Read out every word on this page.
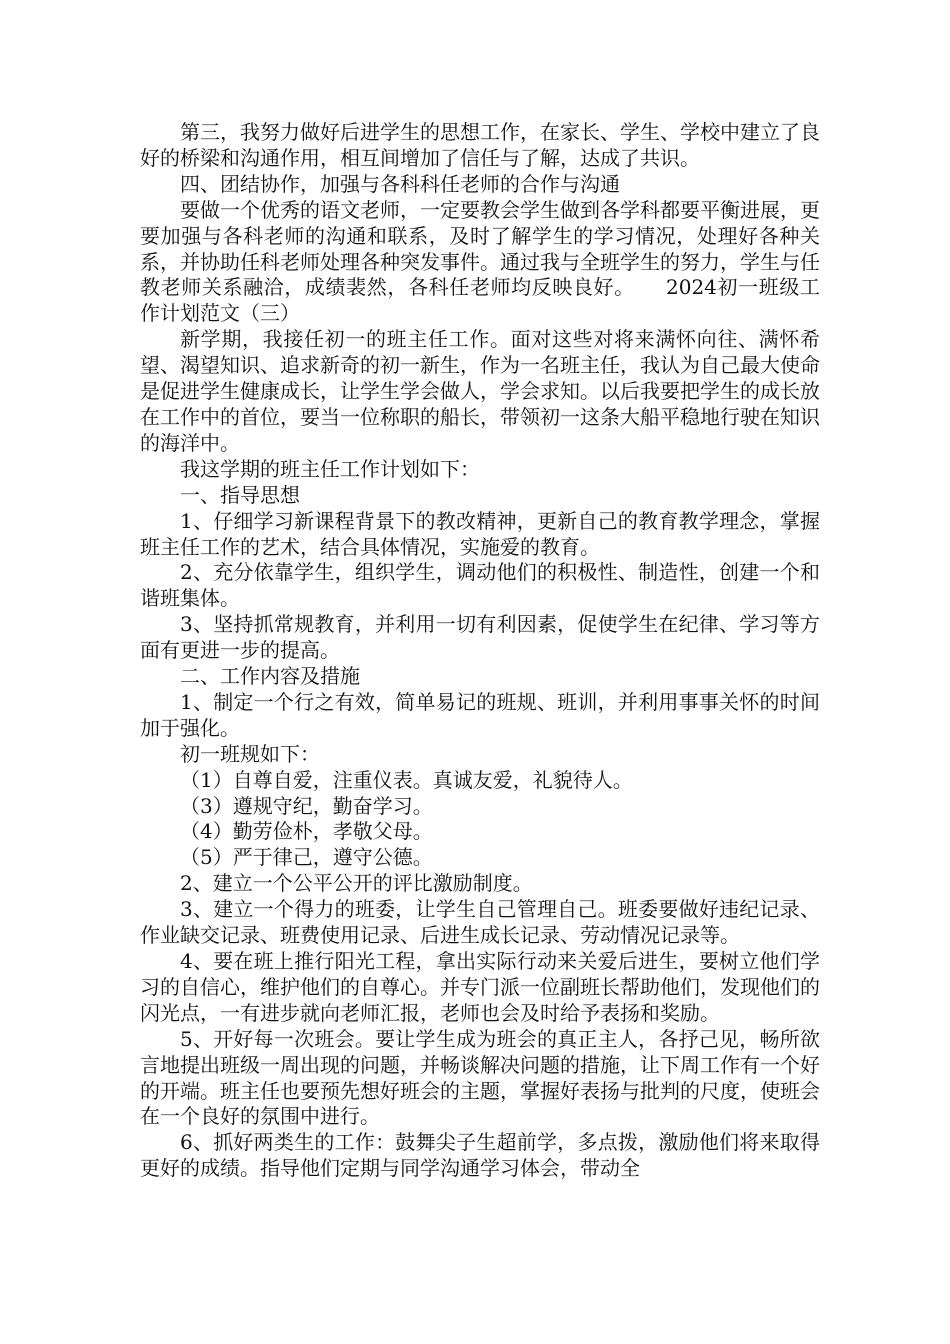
第三，我努力做好后进学生的思想工作，在家长、学生、学校中建立了良好的桥梁和沟通作用，相互间增加了信任与了解，达成了共识。

四、团结协作，加强与各科科任老师的合作与沟通

要做一个优秀的语文老师，一定要教会学生做到各学科都要平衡进展，更要加强与各科老师的沟通和联系，及时了解学生的学习情况，处理好各种关系，并协助任科老师处理各种突发事件。通过我与全班学生的努力，学生与任教老师关系融洽，成绩裴然，各科任老师均反映良好。　　2024初一班级工作计划范文（三）

新学期，我接任初一的班主任工作。面对这些对将来满怀向往、满怀希望、渴望知识、追求新奇的初一新生，作为一名班主任，我认为自己最大使命是促进学生健康成长，让学生学会做人，学会求知。以后我要把学生的成长放在工作中的首位，要当一位称职的船长，带领初一这条大船平稳地行驶在知识的海洋中。

我这学期的班主任工作计划如下：

一、指导思想

1、仔细学习新课程背景下的教改精神，更新自己的教育教学理念，掌握班主任工作的艺术，结合具体情况，实施爱的教育。

2、充分依靠学生，组织学生，调动他们的积极性、制造性，创建一个和谐班集体。

3、坚持抓常规教育，并利用一切有利因素，促使学生在纪律、学习等方面有更进一步的提高。

二、工作内容及措施

1、制定一个行之有效，简单易记的班规、班训，并利用事事关怀的时间加于强化。

初一班规如下：

（1）自尊自爱，注重仪表。真诚友爱，礼貌待人。

（3）遵规守纪，勤奋学习。

（4）勤劳俭朴，孝敬父母。

（5）严于律己，遵守公德。

2、建立一个公平公开的评比激励制度。

3、建立一个得力的班委，让学生自己管理自己。班委要做好违纪记录、作业缺交记录、班费使用记录、后进生成长记录、劳动情况记录等。

4、要在班上推行阳光工程，拿出实际行动来关爱后进生，要树立他们学习的自信心，维护他们的自尊心。并专门派一位副班长帮助他们，发现他们的闪光点，一有进步就向老师汇报，老师也会及时给予表扬和奖励。

5、开好每一次班会。要让学生成为班会的真正主人，各抒己见，畅所欲言地提出班级一周出现的问题，并畅谈解决问题的措施，让下周工作有一个好的开端。班主任也要预先想好班会的主题，掌握好表扬与批判的尺度，使班会在一个良好的氛围中进行。

6、抓好两类生的工作：鼓舞尖子生超前学，多点拨，激励他们将来取得更好的成绩。指导他们定期与同学沟通学习体会，带动全
